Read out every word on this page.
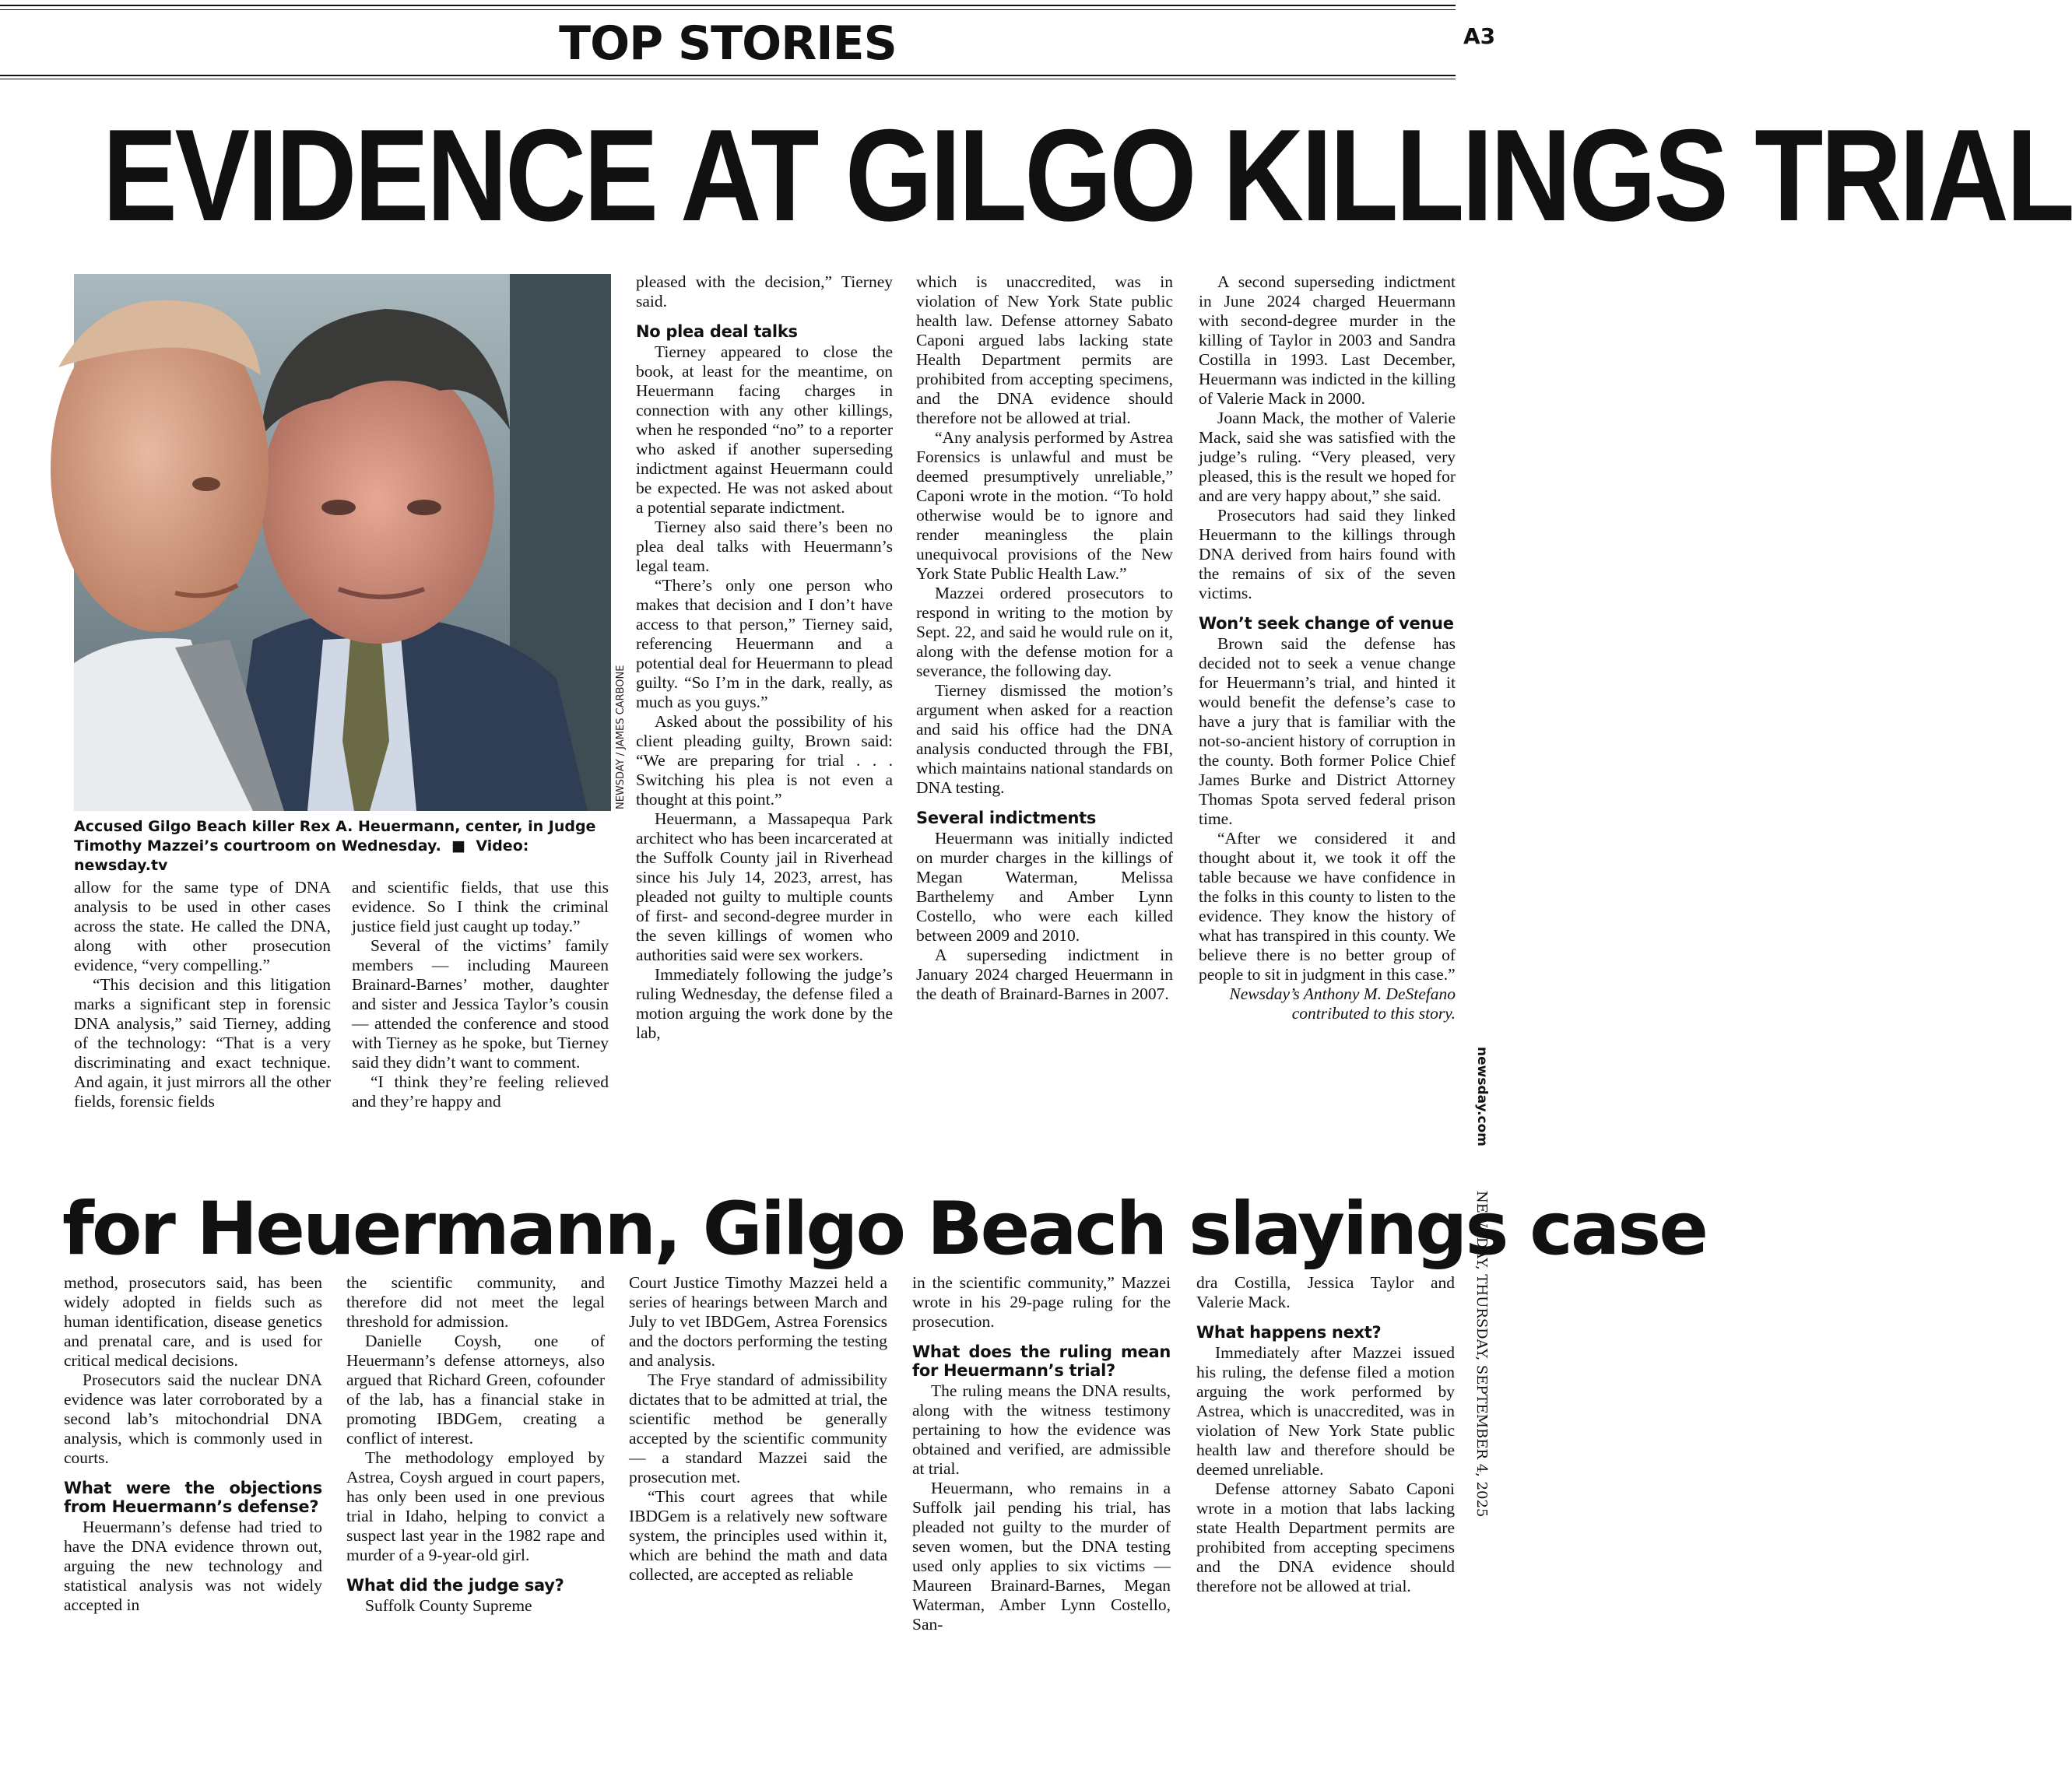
TOP STORIES	A3
EVIDENCE AT GILGO KILLINGS TRIAL
NEWSDAY / JAMES CARBONE
Accused Gilgo Beach killer Rex A. Heuermann, center, in Judge Timothy Mazzei’s courtroom on Wednesday.  ■  Video: newsday.tv

allow for the same type of DNA analysis to be used in other cases across the state. He called the DNA, along with other prosecution evidence, “very compelling.”

“This decision and this litigation marks a significant step in forensic DNA analysis,” said Tierney, adding of the technology: “That is a very discriminating and exact technique. And again, it just mirrors all the other fields, forensic fields

and scientific fields, that use this evidence. So I think the criminal justice field just caught up today.”

Several of the victims’ family members — including Maureen Brainard-Barnes’ mother, daughter and sister and Jessica Taylor’s cousin — attended the conference and stood with Tierney as he spoke, but Tierney said they didn’t want to comment.

“I think they’re feeling relieved and they’re happy and

pleased with the decision,” Tierney said.

No plea deal talks

Tierney appeared to close the book, at least for the meantime, on Heuermann facing charges in connection with any other killings, when he responded “no” to a reporter who asked if another superseding indictment against Heuermann could be expected. He was not asked about a potential separate indictment.

Tierney also said there’s been no plea deal talks with Heuermann’s legal team.

“There’s only one person who makes that decision and I don’t have access to that person,” Tierney said, referencing Heuermann and a potential deal for Heuermann to plead guilty. “So I’m in the dark, really, as much as you guys.”

Asked about the possibility of his client pleading guilty, Brown said: “We are preparing for trial . . . Switching his plea is not even a thought at this point.”

Heuermann, a Massapequa Park architect who has been incarcerated at the Suffolk County jail in Riverhead since his July 14, 2023, arrest, has pleaded not guilty to multiple counts of first- and second-degree murder in the seven killings of women who authorities said were sex workers.

Immediately following the judge’s ruling Wednesday, the defense filed a motion arguing the work done by the lab,

which is unaccredited, was in violation of New York State public health law. Defense attorney Sabato Caponi argued labs lacking state Health Department permits are prohibited from accepting specimens, and the DNA evidence should therefore not be allowed at trial.

“Any analysis performed by Astrea Forensics is unlawful and must be deemed presumptively unreliable,” Caponi wrote in the motion. “To hold otherwise would be to ignore and render meaningless the plain unequivocal provisions of the New York State Public Health Law.”

Mazzei ordered prosecutors to respond in writing to the motion by Sept. 22, and said he would rule on it, along with the defense motion for a severance, the following day.

Tierney dismissed the motion’s argument when asked for a reaction and said his office had the DNA analysis conducted through the FBI, which maintains national standards on DNA testing.

Several indictments

Heuermann was initially indicted on murder charges in the killings of Megan Waterman, Melissa Barthelemy and Amber Lynn Costello, who were each killed between 2009 and 2010.

A superseding indictment in January 2024 charged Heuermann in the death of Brainard-Barnes in 2007.

A second superseding indictment in June 2024 charged Heuermann with second-degree murder in the killing of Taylor in 2003 and Sandra Costilla in 1993. Last December, Heuermann was indicted in the killing of Valerie Mack in 2000.

Joann Mack, the mother of Valerie Mack, said she was satisfied with the judge’s ruling. “Very pleased, very pleased, this is the result we hoped for and are very happy about,” she said.

Prosecutors had said they linked Heuermann to the killings through DNA derived from hairs found with the remains of six of the seven victims.

Won’t seek change of venue

Brown said the defense has decided not to seek a venue change for Heuermann’s trial, and hinted it would benefit the defense’s case to have a jury that is familiar with the not-so-ancient history of corruption in the county. Both former Police Chief James Burke and District Attorney Thomas Spota served federal prison time.

“After we considered it and thought about it, we took it off the table because we have confidence in the folks in this county to listen to the evidence. They know the history of what has transpired in this county. We believe there is no better group of people to sit in judgment in this case.”

Newsday’s Anthony M. DeStefano contributed to this story.

for Heuermann, Gilgo Beach slayings case

method, prosecutors said, has been widely adopted in fields such as human identification, disease genetics and prenatal care, and is used for critical medical decisions.

Prosecutors said the nuclear DNA evidence was later corroborated by a second lab’s mitochondrial DNA analysis, which is commonly used in courts.

What were the objections from Heuermann’s defense?

Heuermann’s defense had tried to have the DNA evidence thrown out, arguing the new technology and statistical analysis was not widely accepted in

the scientific community, and therefore did not meet the legal threshold for admission.

Danielle Coysh, one of Heuermann’s defense attorneys, also argued that Richard Green, cofounder of the lab, has a financial stake in promoting IBDGem, creating a conflict of interest.

The methodology employed by Astrea, Coysh argued in court papers, has only been used in one previous trial in Idaho, helping to convict a suspect last year in the 1982 rape and murder of a 9-year-old girl.

What did the judge say?

Suffolk County Supreme

Court Justice Timothy Mazzei held a series of hearings between March and July to vet IBDGem, Astrea Forensics and the doctors performing the testing and analysis.

The Frye standard of admissibility dictates that to be admitted at trial, the scientific method be generally accepted by the scientific community — a standard Mazzei said the prosecution met.

“This court agrees that while IBDGem is a relatively new software system, the principles used within it, which are behind the math and data collected, are accepted as reliable

in the scientific community,” Mazzei wrote in his 29-page ruling for the prosecution.

What does the ruling mean for Heuermann’s trial?

The ruling means the DNA results, along with the witness testimony pertaining to how the evidence was obtained and verified, are admissible at trial.

Heuermann, who remains in a Suffolk jail pending his trial, has pleaded not guilty to the murder of seven women, but the DNA testing used only applies to six victims — Maureen Brainard-Barnes, Megan Waterman, Amber Lynn Costello, San-

dra Costilla, Jessica Taylor and Valerie Mack.

What happens next?

Immediately after Mazzei issued his ruling, the defense filed a motion arguing the work performed by Astrea, which is unaccredited, was in violation of New York State public health law and therefore should be deemed unreliable.

Defense attorney Sabato Caponi wrote in a motion that labs lacking state Health Department permits are prohibited from accepting specimens and the DNA evidence should therefore not be allowed at trial.

newsday.com
NEWSDAY, THURSDAY, SEPTEMBER 4, 2025
